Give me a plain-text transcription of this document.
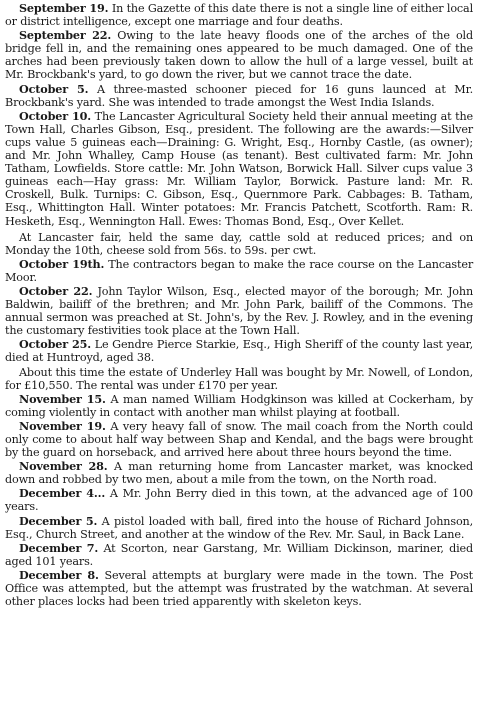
September 19. In the Gazette of this date there is not a single line of either local or district intelligence, except one marriage and four deaths.

September 22. Owing to the late heavy floods one of the arches of the old bridge fell in, and the remaining ones appeared to be much damaged. One of the arches had been previously taken down to allow the hull of a large vessel, built at Mr. Brockbank's yard, to go down the river, but we cannot trace the date.

October 5. A three-masted schooner pieced for 16 guns launced at Mr. Brockbank's yard. She was intended to trade amongst the West India Islands.

October 10. The Lancaster Agricultural Society held their annual meeting at the Town Hall, Charles Gibson, Esq., president. The following are the awards:—Silver cups value 5 guineas each—Draining: G. Wright, Esq., Hornby Castle, (as owner); and Mr. John Whalley, Camp House (as tenant). Best cultivated farm: Mr. John Tatham, Lowfields. Store cattle: Mr. John Watson, Borwick Hall. Silver cups value 3 guineas each—Hay grass: Mr. William Taylor, Borwick. Pasture land: Mr. R. Croskell, Bulk. Turnips: C. Gibson, Esq., Quernmore Park. Cabbages: B. Tatham, Esq., Whittington Hall. Winter potatoes: Mr. Francis Patchett, Scotforth. Ram: R. Hesketh, Esq., Wennington Hall. Ewes: Thomas Bond, Esq., Over Kellet.

At Lancaster fair, held the same day, cattle sold at reduced prices; and on Monday the 10th, cheese sold from 56s. to 59s. per cwt.

October 19th. The contractors began to make the race course on the Lancaster Moor.

October 22. John Taylor Wilson, Esq., elected mayor of the borough; Mr. John Baldwin, bailiff of the brethren; and Mr. John Park, bailiff of the Commons. The annual sermon was preached at St. John's, by the Rev. J. Rowley, and in the evening the customary festivities took place at the Town Hall.

October 25. Le Gendre Pierce Starkie, Esq., High Sheriff of the county last year, died at Huntroyd, aged 38.

About this time the estate of Underley Hall was bought by Mr. Nowell, of London, for £10,550. The rental was under £170 per year.

November 15. A man named William Hodgkinson was killed at Cockerham, by coming violently in contact with another man whilst playing at football.

November 19. A very heavy fall of snow. The mail coach from the North could only come to about half way between Shap and Kendal, and the bags were brought by the guard on horseback, and arrived here about three hours beyond the time.

November 28. A man returning home from Lancaster market, was knocked down and robbed by two men, about a mile from the town, on the North road.

December 4... A Mr. John Berry died in this town, at the advanced age of 100 years.

December 5. A pistol loaded with ball, fired into the house of Richard Johnson, Esq., Church Street, and another at the window of the Rev. Mr. Saul, in Back Lane.

December 7. At Scorton, near Garstang, Mr. William Dickinson, mariner, died aged 101 years.

December 8. Several attempts at burglary were made in the town. The Post Office was attempted, but the attempt was frustrated by the watchman. At several other places locks had been tried apparently with skeleton keys.
